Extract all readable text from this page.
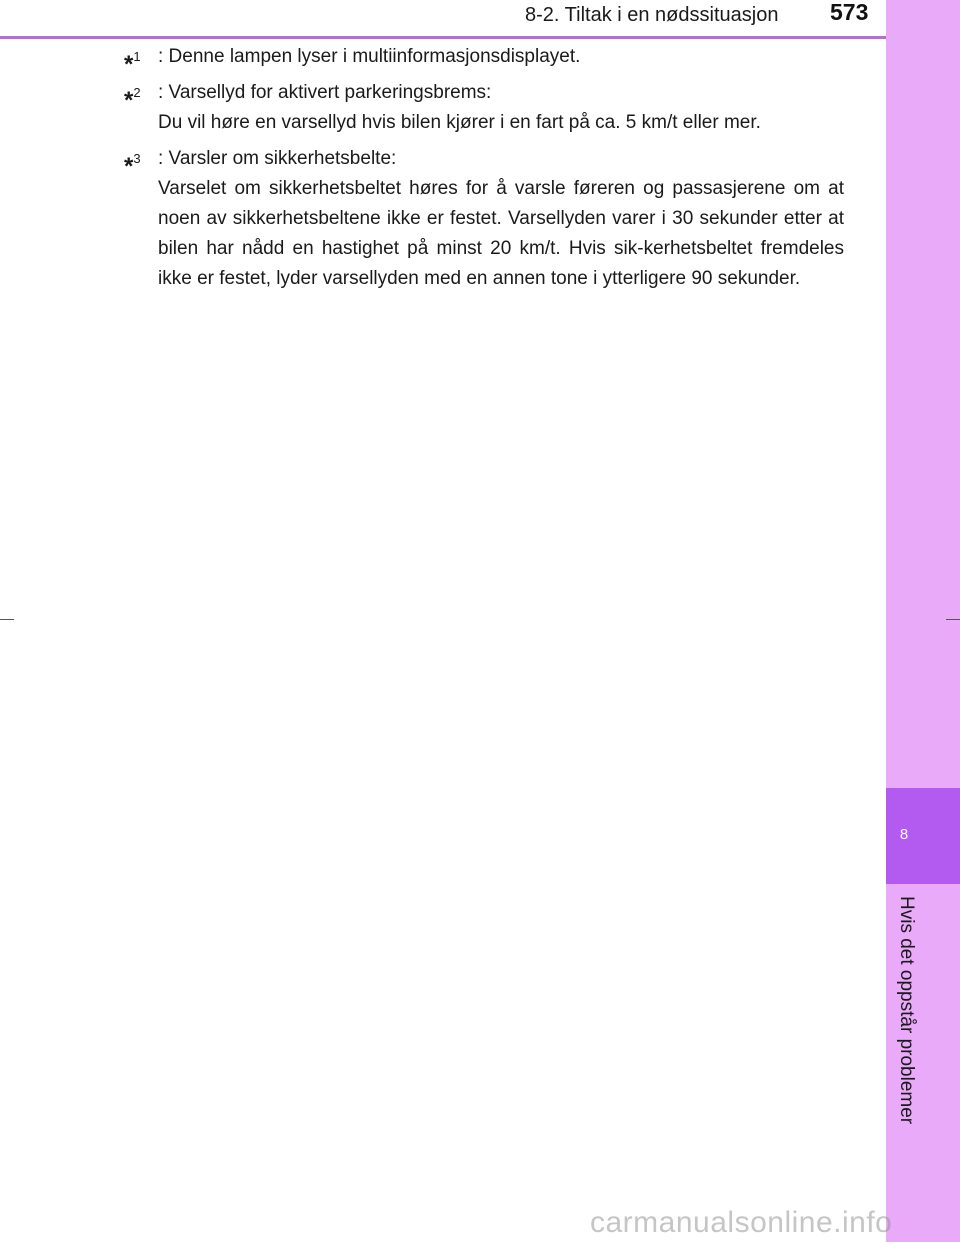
8-2. Tiltak i en nødssituasjon 573
8
Hvis det oppstår problemer
*$^1$ : Denne lampen lyser i multiinformasjonsdisplayet.
*$^2$ : Varsellyd for aktivert parkeringsbrems:
Du vil høre en varsellyd hvis bilen kjører i en fart på ca. 5 km/t eller mer.
*$^3$ : Varsler om sikkerhetsbelte:
Varselet om sikkerhetsbeltet høres for å varsle føreren og passasjerene om at noen av sikkerhetsbeltene ikke er festet. Varsellyden varer i 30 sekunder etter at bilen har nådd en hastighet på minst 20 km/t. Hvis sik-kerhetsbeltet fremdeles ikke er festet, lyder varsellyden med en annen tone i ytterligere 90 sekunder.
carmanualsonline.info
